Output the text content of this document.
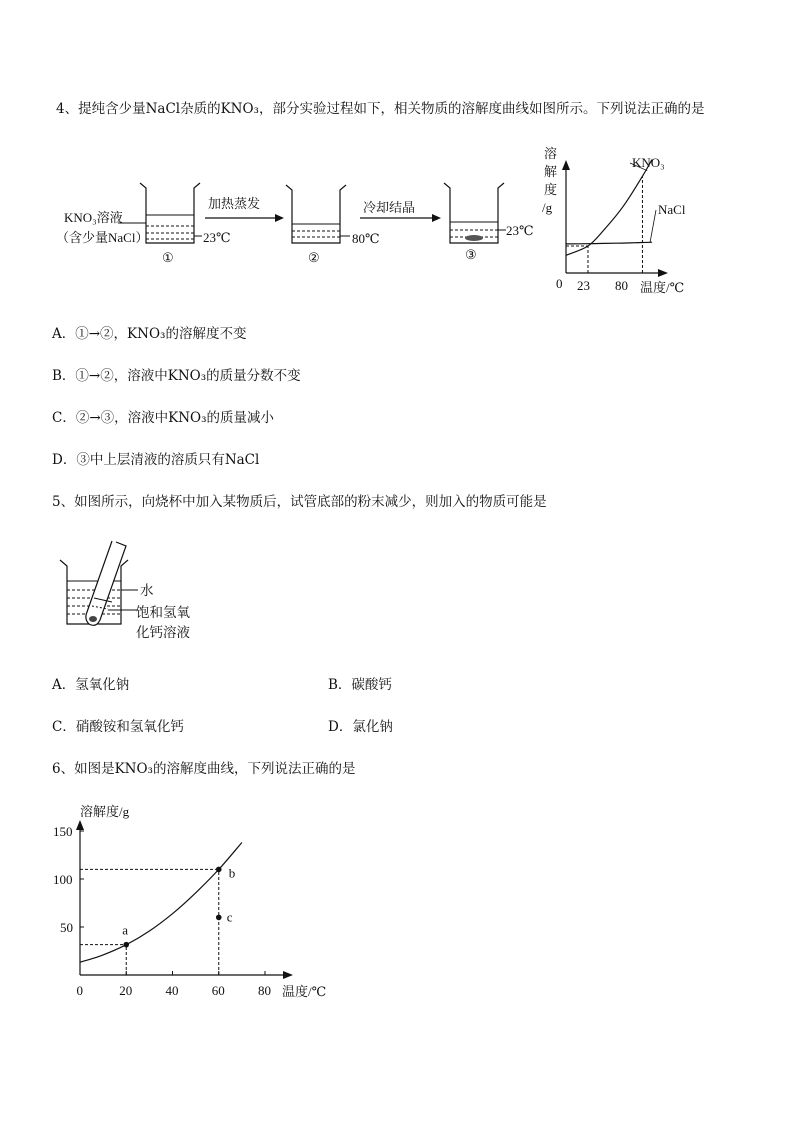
4、提纯含少量NaCl杂质的KNO₃，部分实验过程如下，相关物质的溶解度曲线如图所示。下列说法正确的是
KNO₃溶液
（含少量NaCl）	23℃
①
加热蒸发
80℃
②
冷却结晶
23℃
③
溶
解
度
/g
0 23 80 温度/℃
KNO₃
NaCl
A．①→②，KNO₃的溶解度不变
B．①→②，溶液中KNO₃的质量分数不变
C．②→③，溶液中KNO₃的质量减小
D．③中上层清液的溶质只有NaCl
5、如图所示，向烧杯中加入某物质后，试管底部的粉末减少，则加入的物质可能是
水
饱和氢氧
化钙溶液
A．氢氧化钠	B．碳酸钙
C．硝酸铵和氢氧化钙	D．氯化钠
6、如图是KNO₃的溶解度曲线，下列说法正确的是
溶解度/g
温度/℃
0	20	40	60	80
50
100
150
a
b
c
